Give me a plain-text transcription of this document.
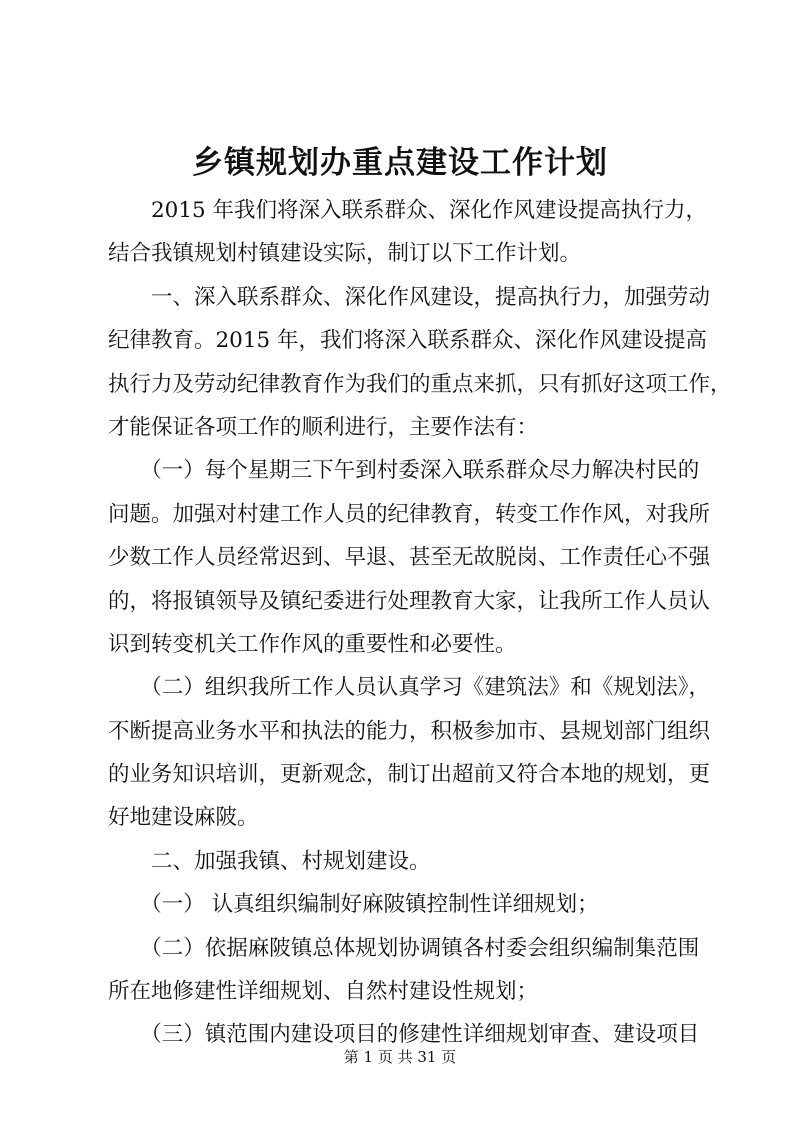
乡镇规划办重点建设工作计划
　　2015 年我们将深入联系群众、深化作风建设提高执行力，
结合我镇规划村镇建设实际，制订以下工作计划。
　　一、深入联系群众、深化作风建设，提高执行力，加强劳动
纪律教育。2015 年，我们将深入联系群众、深化作风建设提高
执行力及劳动纪律教育作为我们的重点来抓，只有抓好这项工作，
才能保证各项工作的顺利进行，主要作法有：
　　（一）每个星期三下午到村委深入联系群众尽力解决村民的
问题。加强对村建工作人员的纪律教育，转变工作作风，对我所
少数工作人员经常迟到、早退、甚至无故脱岗、工作责任心不强
的，将报镇领导及镇纪委进行处理教育大家，让我所工作人员认
识到转变机关工作作风的重要性和必要性。
　　（二）组织我所工作人员认真学习《建筑法》和《规划法》，
不断提高业务水平和执法的能力，积极参加市、县规划部门组织
的业务知识培训，更新观念，制订出超前又符合本地的规划，更
好地建设麻陂。
　　二、加强我镇、村规划建设。
　　（一） 认真组织编制好麻陂镇控制性详细规划；
　　（二）依据麻陂镇总体规划协调镇各村委会组织编制集范围
所在地修建性详细规划、自然村建设性规划；
　　（三）镇范围内建设项目的修建性详细规划审查、建设项目
第 1 页 共 31 页
